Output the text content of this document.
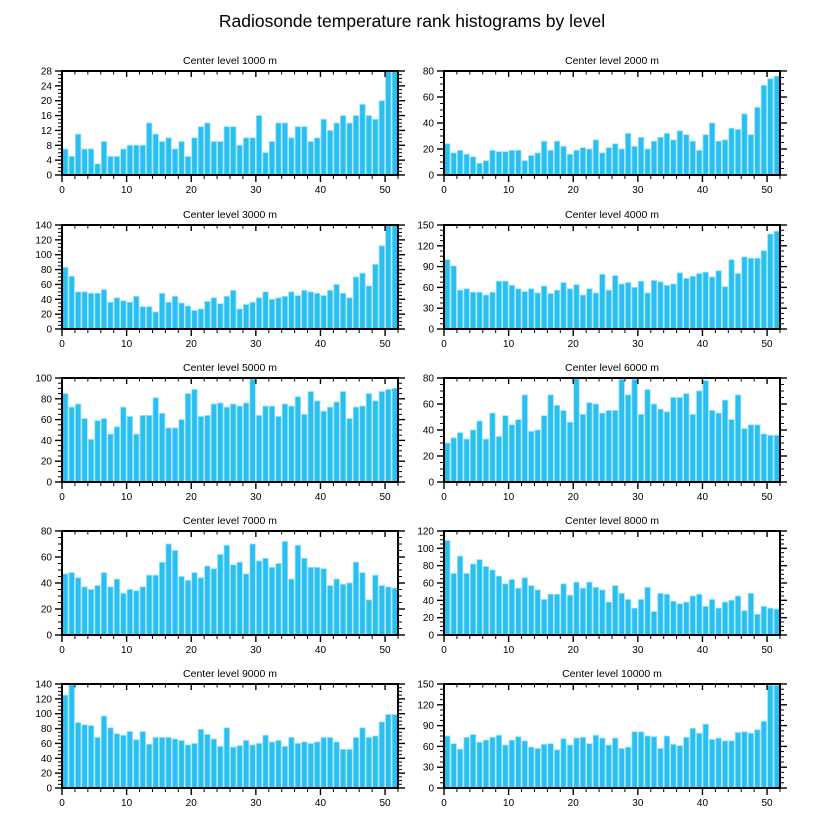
Radiosonde temperature rank histograms by level
Center level 1000 m
0	10	20	30	40	50
0
4
8
12
16
20
24
28
Center level 2000 m
0	10	20	30	40	50
0
20
40
60
80
Center level 3000 m
0	10	20	30	40	50
0
20
40
60
80
100
120
140
Center level 4000 m
0	10	20	30	40	50
0
30
60
90
120
150
Center level 5000 m
0	10	20	30	40	50
0
20
40
60
80
100
Center level 6000 m
0	10	20	30	40	50
0
20
40
60
80
Center level 7000 m
0	10	20	30	40	50
0
20
40
60
80
Center level 8000 m
0	10	20	30	40	50
0
20
40
60
80
100
120
Center level 9000 m
0	10	20	30	40	50
0
20
40
60
80
100
120
140
Center level 10000 m
0	10	20	30	40	50
0
30
60
90
120
150
